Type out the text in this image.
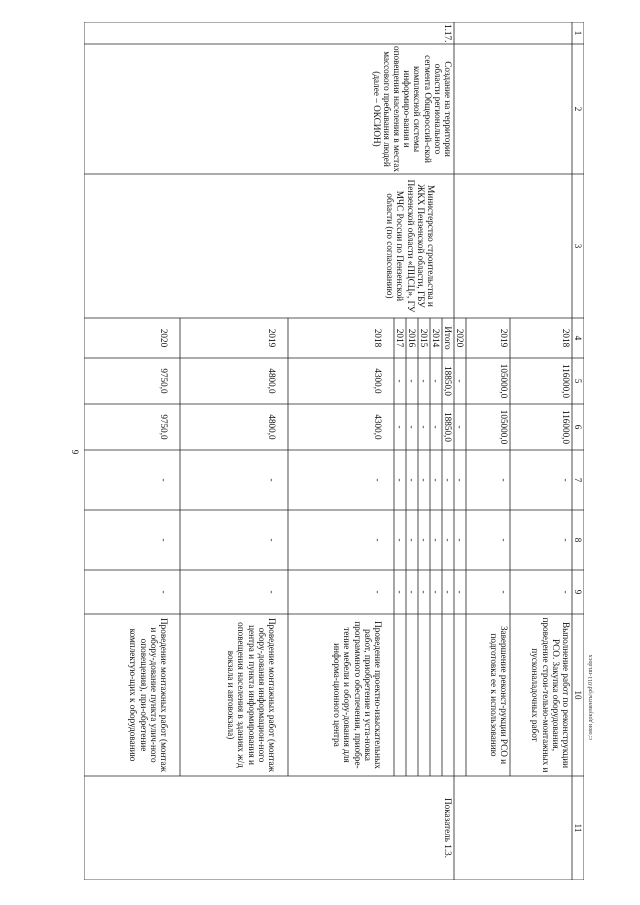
9
c:\мои документы\pd\011-пп.docx
1
2
3
4
5
6
7
8
9
10
11
2018
116000,0
116000,0
-
-
-
Выполнение работ по реконструкции РСО. Закупка оборудования, проведение строи-тельно-монтажных и пусконаладочных работ
2019
105000,0
105000,0
-
-
-
Завершение реконст-рукции РСО и подготовка ее к использованию
2020
-
-
-
-
-
1.17.
Создание на территории области регионального сегмента Общероссий-ской комплексной системы информиро-вания и оповещения населения в местах массового пребывания людей (далее – ОКСИОН)
Министерство строительства и ЖКХ Пензенской области, ГБУ Пензенской области «ПЦСЦ», ГУ МЧС России по Пензенской области (по согласованию)
Показатель 1.3.
Итого
18850,0
18850,0
-
-
-
2014
-
-
-
-
-
2015
-
-
-
-
-
2016
-
-
-
-
-
2017
-
-
-
-
-
2018
4300,0
4300,0
-
-
-
2019
4800,0
4800,0
-
-
-
2020
9750,0
9750,0
-
-
-
Проведение проектно-изыскательных работ, приобретение и уста-новка программного обеспечения, приобре-тение мебели и обору-дования для информа-ционного центра
Проведение монтажных работ (монтаж обору-дования информацион-ного центра и пункта информирования и оповещения населения в зданиях ж/д вокзала и автовокзала)
Проведение монтажных работ (монтаж и обору-дование пункта улич-ного оповещения), при-обретение комплектую-щих к оборудованию
